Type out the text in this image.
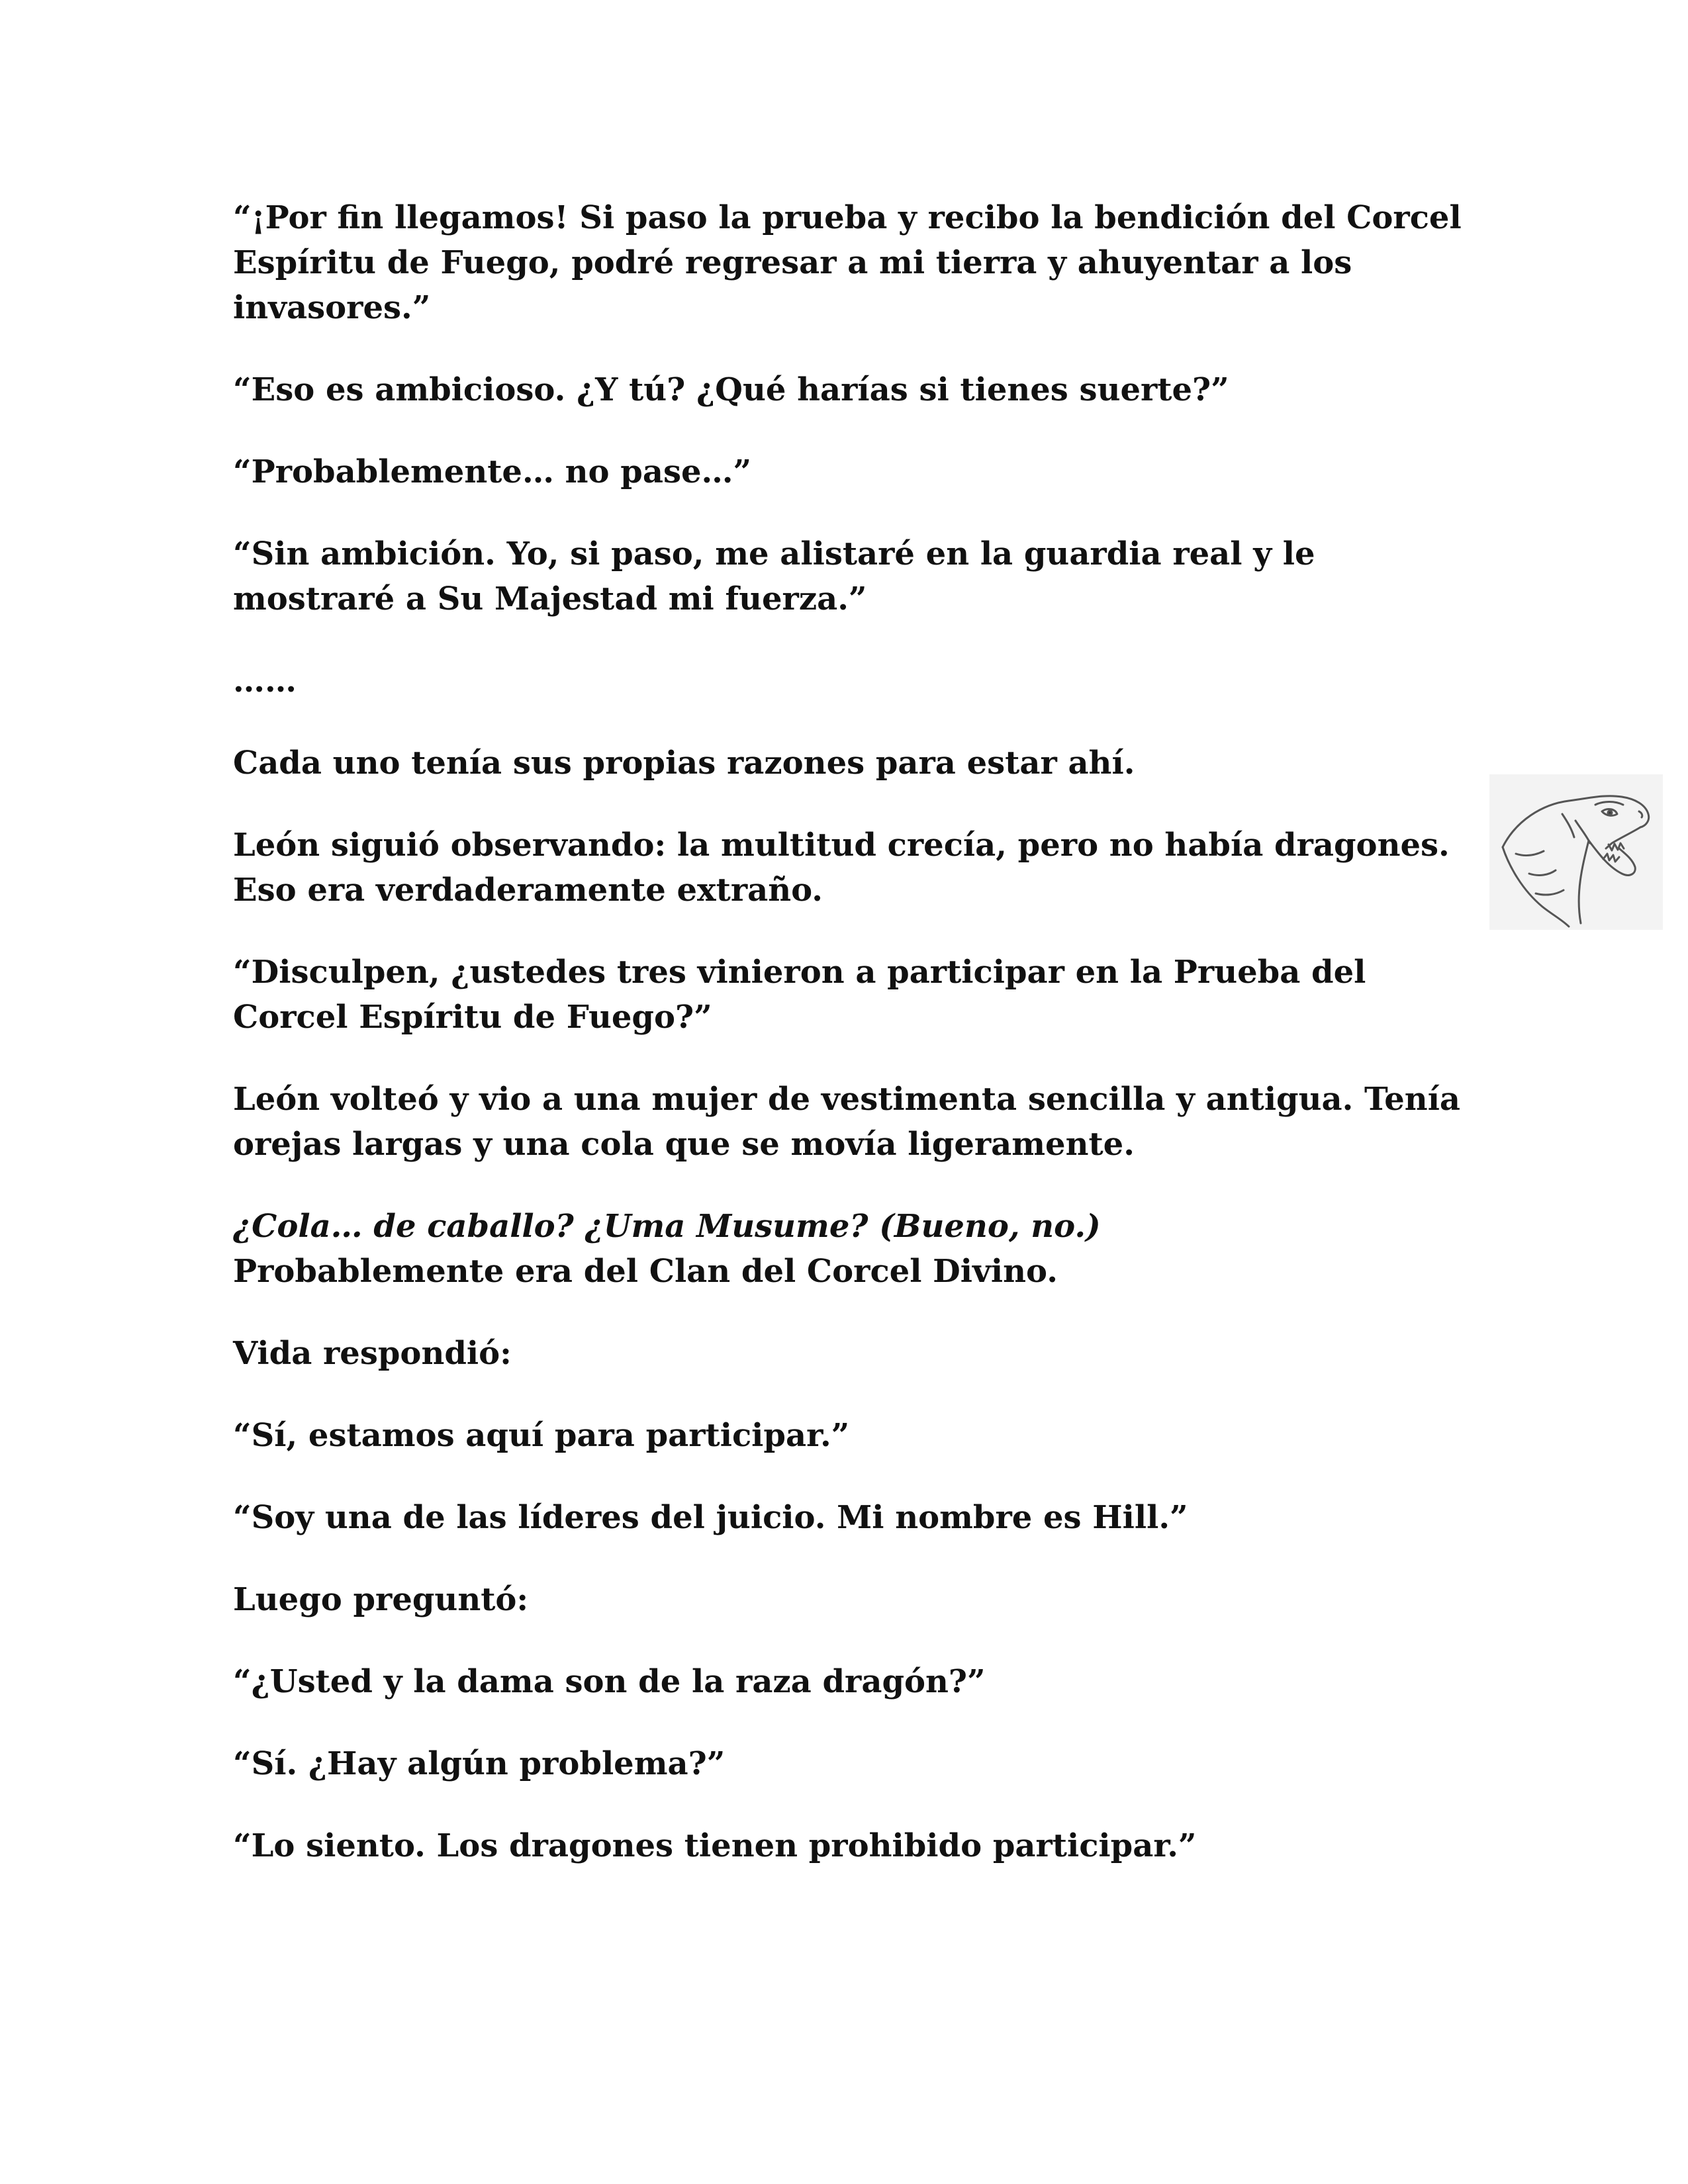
“¡Por fin llegamos! Si paso la prueba y recibo la bendición del Corcel Espíritu de Fuego, podré regresar a mi tierra y ahuyentar a los invasores.”

“Eso es ambicioso. ¿Y tú? ¿Qué harías si tienes suerte?”

“Probablemente… no pase…”

“Sin ambición. Yo, si paso, me alistaré en la guardia real y le mostraré a Su Majestad mi fuerza.”

……

Cada uno tenía sus propias razones para estar ahí.

León siguió observando: la multitud crecía, pero no había dragones. Eso era verdaderamente extraño.

“Disculpen, ¿ustedes tres vinieron a participar en la Prueba del Corcel Espíritu de Fuego?”

León volteó y vio a una mujer de vestimenta sencilla y antigua. Tenía orejas largas y una cola que se movía ligeramente.

¿Cola… de caballo? ¿Uma Musume? (Bueno, no.)
Probablemente era del Clan del Corcel Divino.

Vida respondió:

“Sí, estamos aquí para participar.”

“Soy una de las líderes del juicio. Mi nombre es Hill.”

Luego preguntó:

“¿Usted y la dama son de la raza dragón?”

“Sí. ¿Hay algún problema?”

“Lo siento. Los dragones tienen prohibido participar.”
